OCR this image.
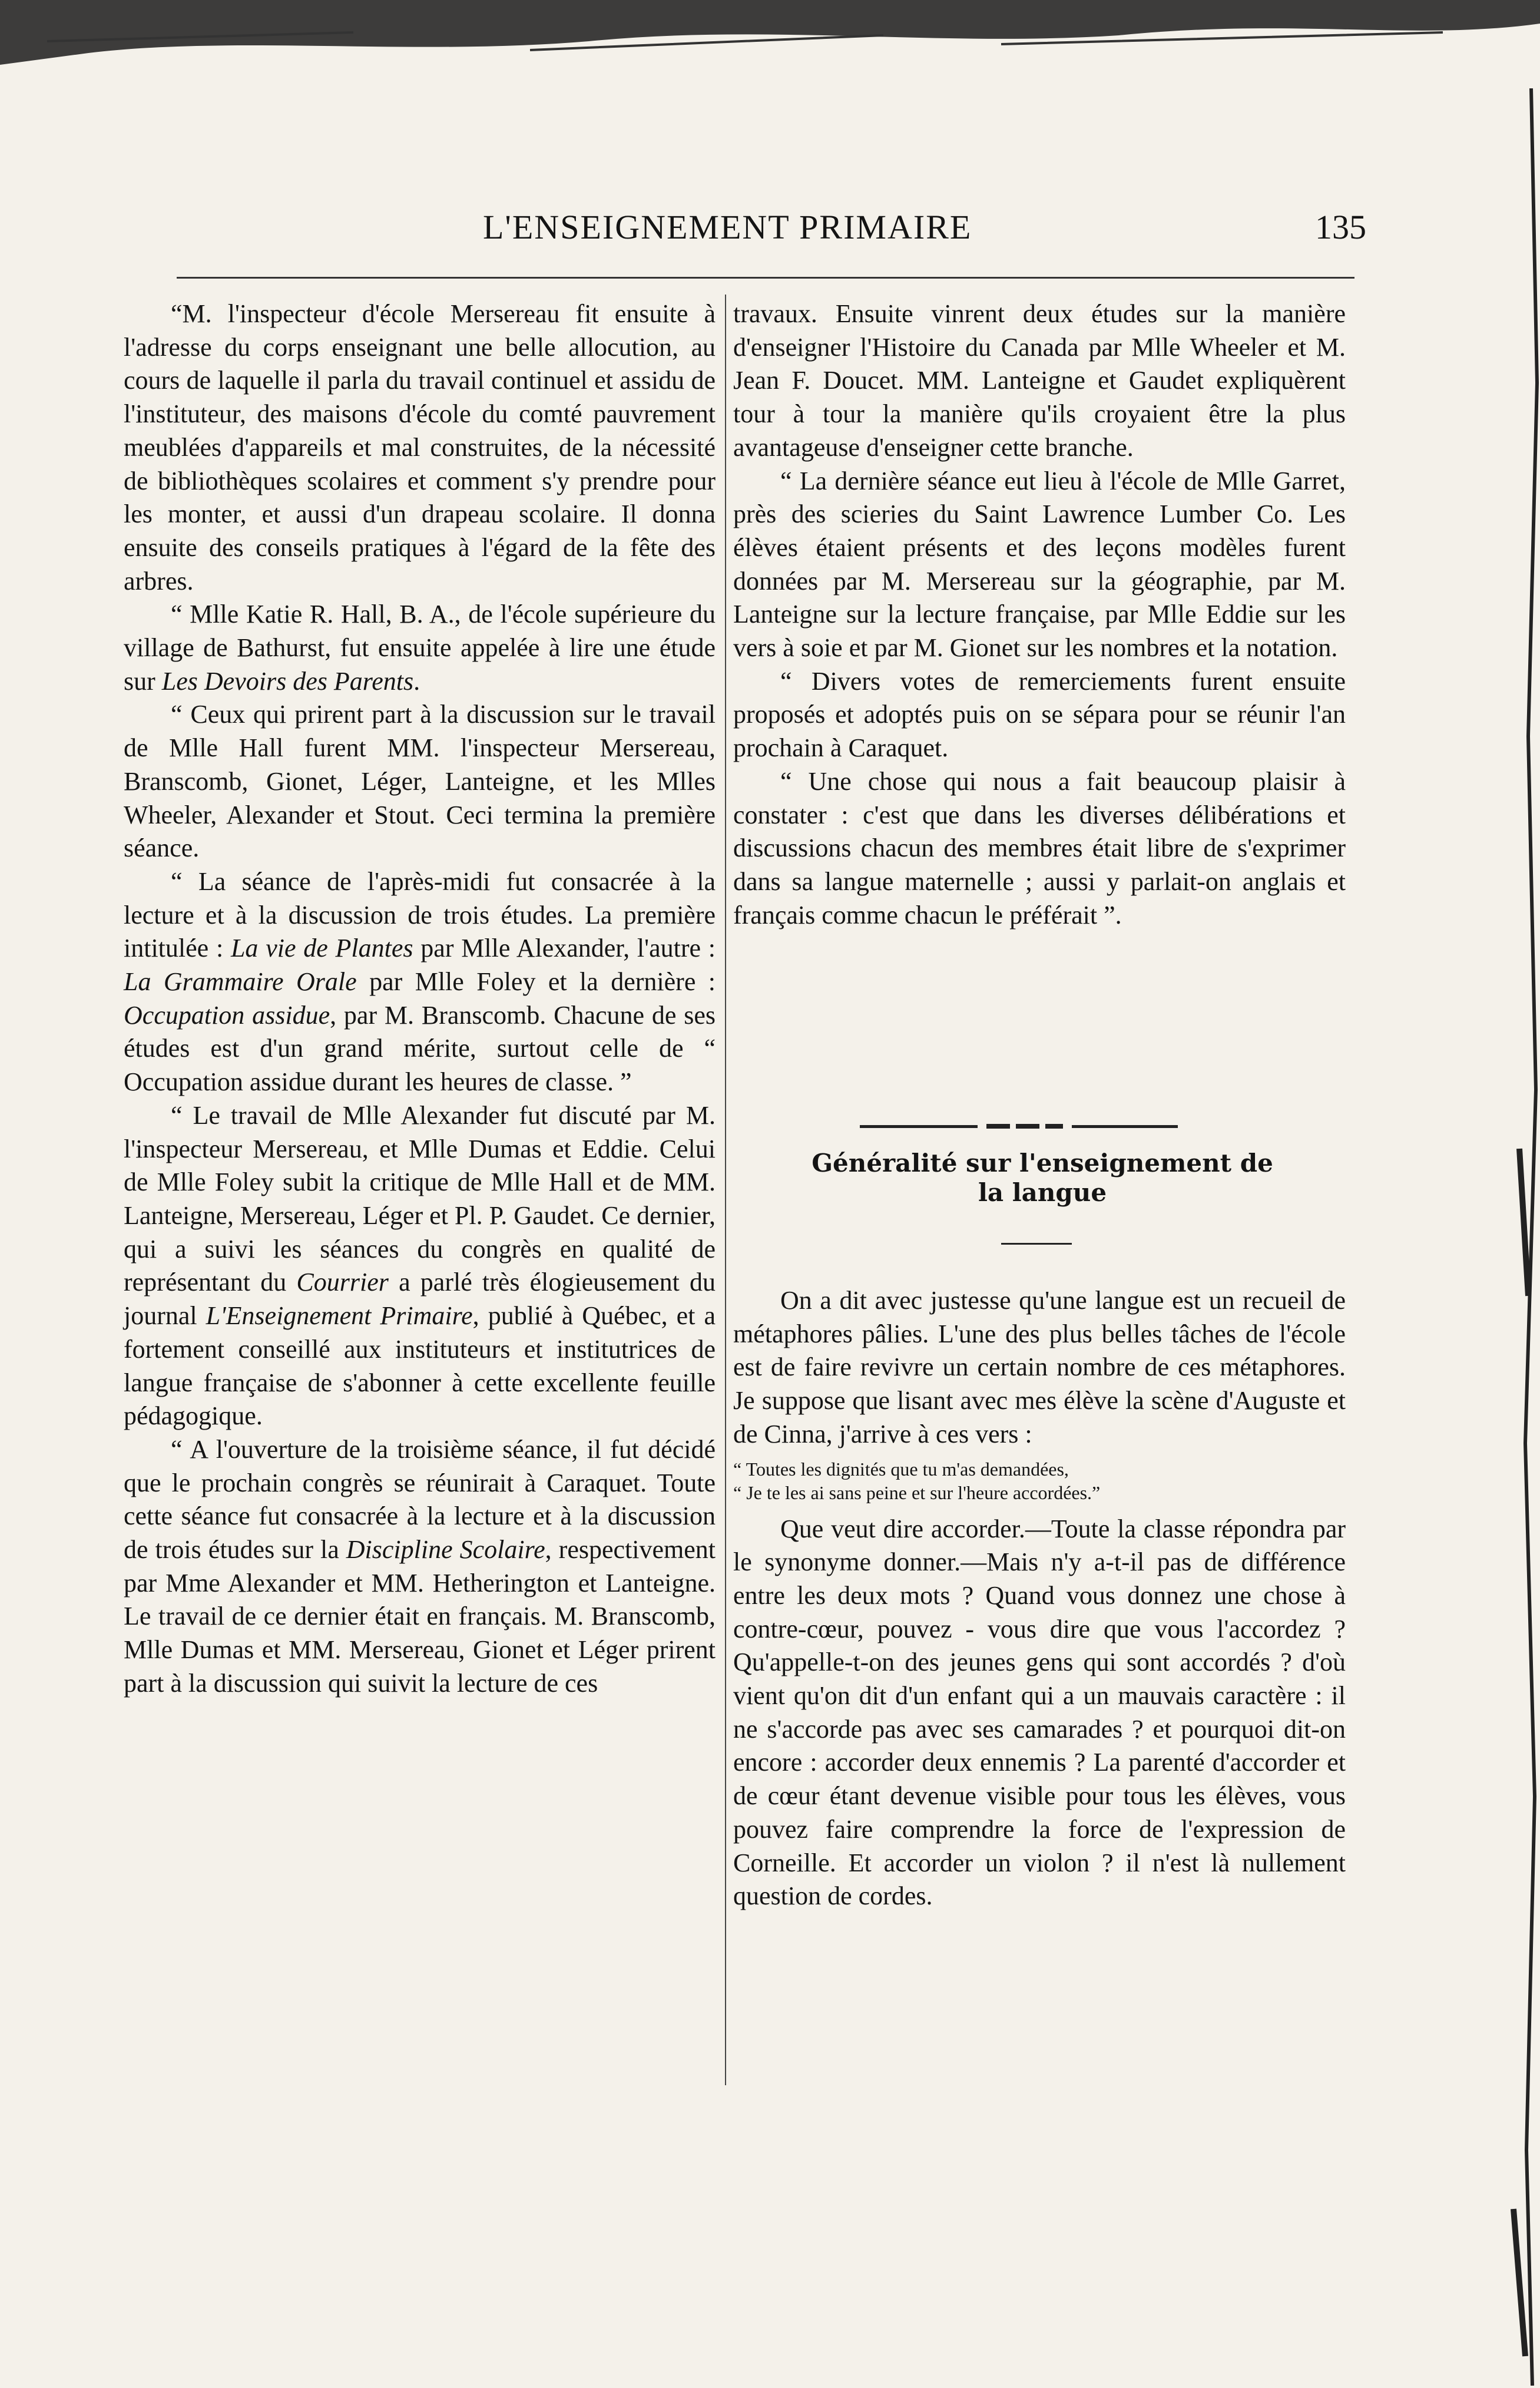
L'ENSEIGNEMENT PRIMAIRE	135

“M. l'inspecteur d'école Mersereau fit ensuite à l'adresse du corps enseignant une belle allocution, au cours de laquelle il parla du travail continuel et assidu de l'instituteur, des maisons d'école du comté pauvrement meublées d'appareils et mal construites, de la nécessité de bibliothèques scolaires et comment s'y prendre pour les monter, et aussi d'un drapeau scolaire. Il donna ensuite des conseils pratiques à l'égard de la fête des arbres.

“ Mlle Katie R. Hall, B. A., de l'école supérieure du village de Bathurst, fut ensuite appelée à lire une étude sur Les Devoirs des Parents.

“ Ceux qui prirent part à la discussion sur le travail de Mlle Hall furent MM. l'inspecteur Mersereau, Branscomb, Gionet, Léger, Lanteigne, et les Mlles Wheeler, Alexander et Stout. Ceci termina la première séance.

“ La séance de l'après-midi fut consacrée à la lecture et à la discussion de trois études. La première intitulée : La vie de Plantes par Mlle Alexander, l'autre : La Grammaire Orale par Mlle Foley et la dernière : Occupation assidue, par M. Branscomb. Chacune de ses études est d'un grand mérite, surtout celle de “ Occupation assidue durant les heures de classe. ”

“ Le travail de Mlle Alexander fut discuté par M. l'inspecteur Mersereau, et Mlle Dumas et Eddie. Celui de Mlle Foley subit la critique de Mlle Hall et de MM. Lanteigne, Mersereau, Léger et Pl. P. Gaudet. Ce dernier, qui a suivi les séances du congrès en qualité de représentant du Courrier a parlé très élogieusement du journal L'Enseignement Primaire, publié à Québec, et a fortement conseillé aux instituteurs et institutrices de langue française de s'abonner à cette excellente feuille pédagogique.

“ A l'ouverture de la troisième séance, il fut décidé que le prochain congrès se réunirait à Caraquet. Toute cette séance fut consacrée à la lecture et à la discussion de trois études sur la Discipline Scolaire, respectivement par Mme Alexander et MM. Hetherington et Lanteigne. Le travail de ce dernier était en français. M. Branscomb, Mlle Dumas et MM. Mersereau, Gionet et Léger prirent part à la discussion qui suivit la lecture de ces

travaux. Ensuite vinrent deux études sur la manière d'enseigner l'Histoire du Canada par Mlle Wheeler et M. Jean F. Doucet. MM. Lanteigne et Gaudet expliquèrent tour à tour la manière qu'ils croyaient être la plus avantageuse d'enseigner cette branche.

“ La dernière séance eut lieu à l'école de Mlle Garret, près des scieries du Saint Lawrence Lumber Co. Les élèves étaient présents et des leçons modèles furent données par M. Mersereau sur la géographie, par M. Lanteigne sur la lecture française, par Mlle Eddie sur les vers à soie et par M. Gionet sur les nombres et la notation.

“ Divers votes de remerciements furent ensuite proposés et adoptés puis on se sépara pour se réunir l'an prochain à Caraquet.

“ Une chose qui nous a fait beaucoup plaisir à constater : c'est que dans les diverses délibérations et discussions chacun des membres était libre de s'exprimer dans sa langue maternelle ; aussi y parlait-on anglais et français comme chacun le préférait ”.

Généralité sur l'enseignement de
la langue

On a dit avec justesse qu'une langue est un recueil de métaphores pâlies. L'une des plus belles tâches de l'école est de faire revivre un certain nombre de ces métaphores. Je suppose que lisant avec mes élève la scène d'Auguste et de Cinna, j'arrive à ces vers :

“ Toutes les dignités que tu m'as demandées,
“ Je te les ai sans peine et sur l'heure accordées.”

Que veut dire accorder.—Toute la classe répondra par le synonyme donner.—Mais n'y a-t-il pas de différence entre les deux mots ? Quand vous donnez une chose à contre-cœur, pouvez - vous dire que vous l'accordez ? Qu'appelle-t-on des jeunes gens qui sont accordés ? d'où vient qu'on dit d'un enfant qui a un mauvais caractère : il ne s'accorde pas avec ses camarades ? et pourquoi dit-on encore : accorder deux ennemis ? La parenté d'accorder et de cœur étant devenue visible pour tous les élèves, vous pouvez faire comprendre la force de l'expression de Corneille. Et accorder un violon ? il n'est là nullement question de cordes.
